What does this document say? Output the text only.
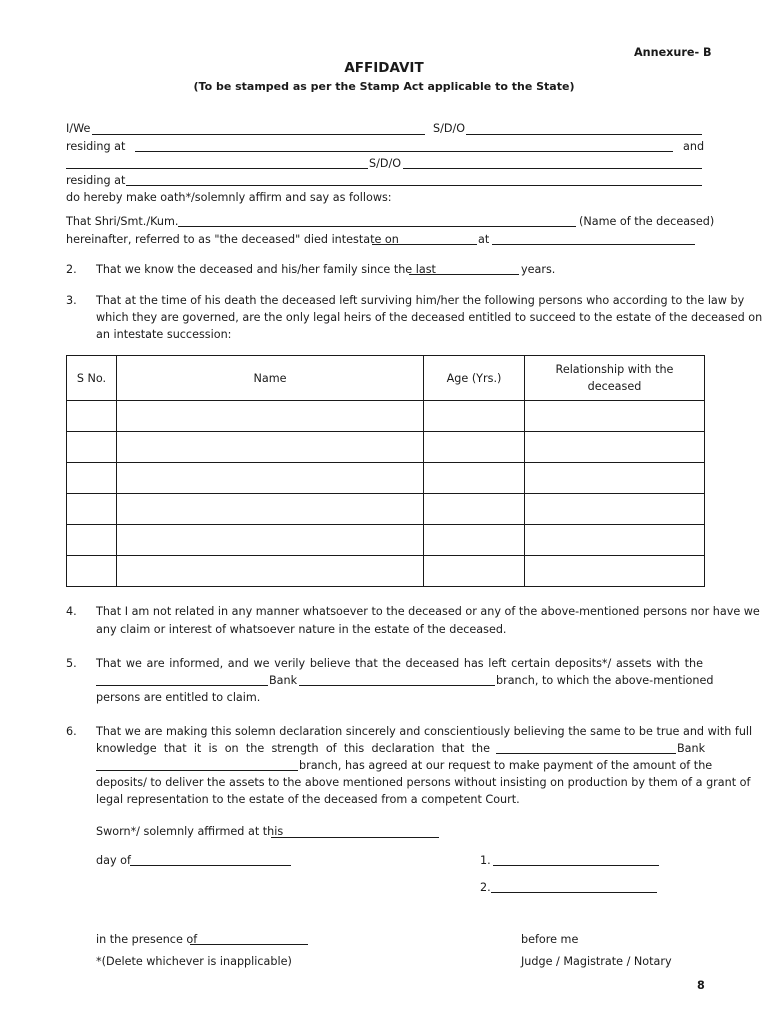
Annexure- B
AFFIDAVIT
(To be stamped as per the Stamp Act applicable to the State)
I/We	S/D/O
residing at	and
S/D/O
residing at
do hereby make oath*/solemnly affirm and say as follows:
That Shri/Smt./Kum.	(Name of the deceased)
hereinafter, referred to as "the deceased" died intestate on	at
2. That we know the deceased and his/her family since the last	years.
3. That at the time of his death the deceased left surviving him/her the following persons who according to the law by
which they are governed, are the only legal heirs of the deceased entitled to succeed to the estate of the deceased on
an intestate succession:
S No.	Name	Age (Yrs.)	Relationship with the deceased

4. That I am not related in any manner whatsoever to the deceased or any of the above-mentioned persons nor have we
any claim or interest of whatsoever nature in the estate of the deceased.
5. That we are informed, and we verily believe that the deceased has left certain deposits*/ assets with the
Bank	branch, to which the above-mentioned
persons are entitled to claim.
6. That we are making this solemn declaration sincerely and conscientiously believing the same to be true and with full
knowledge that it is on the strength of this declaration that the	Bank
branch, has agreed at our request to make payment of the amount of the
deposits/ to deliver the assets to the above mentioned persons without insisting on production by them of a grant of
legal representation to the estate of the deceased from a competent Court.
Sworn*/ solemnly affirmed at this
day of	1.
2.
in the presence of	before me
*(Delete whichever is inapplicable)	Judge / Magistrate / Notary
8
